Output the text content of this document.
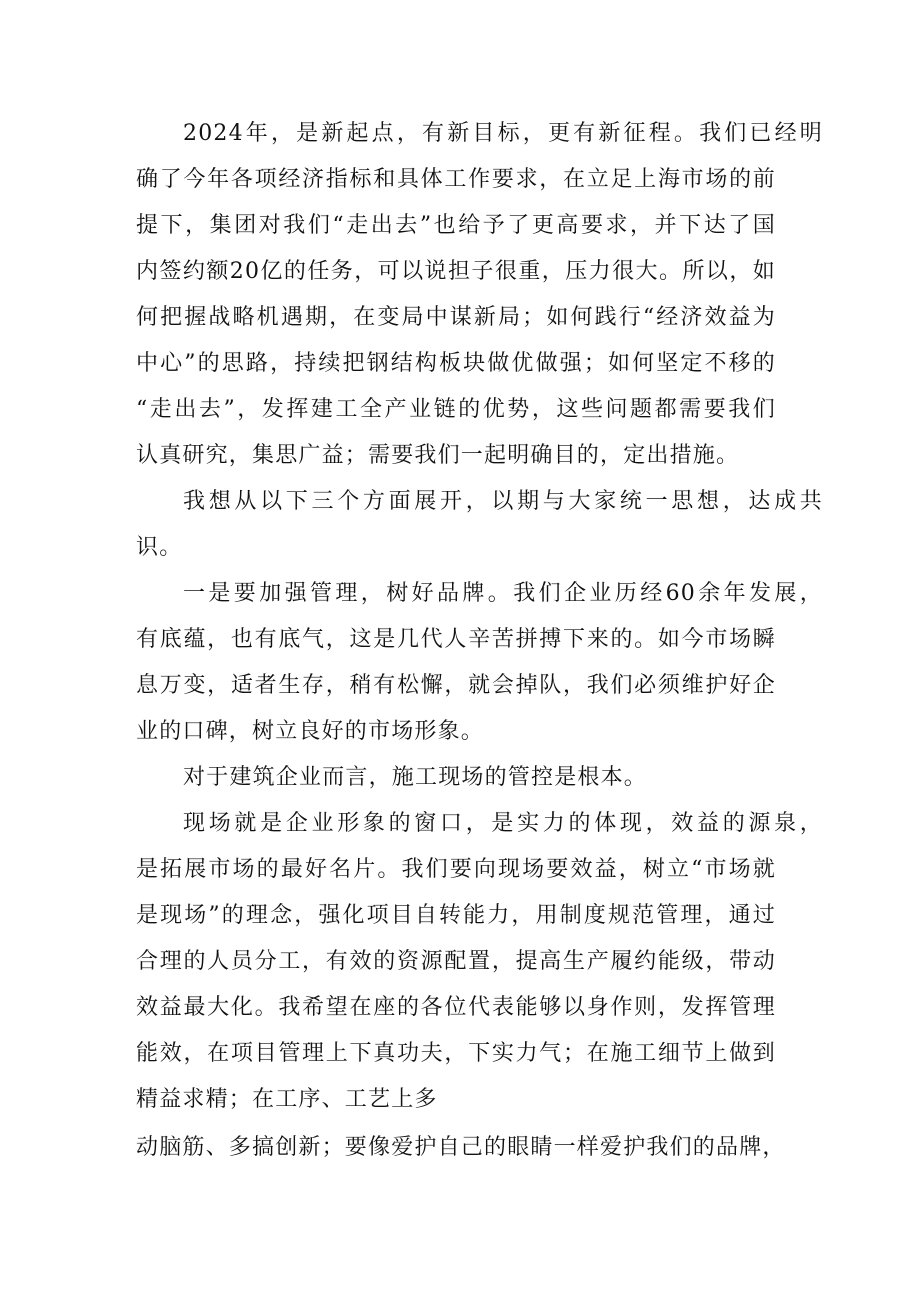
2024年，是新起点，有新目标，更有新征程。我们已经明
确了今年各项经济指标和具体工作要求，在立足上海市场的前
提下，集团对我们“走出去”也给予了更高要求，并下达了国
内签约额20亿的任务，可以说担子很重，压力很大。所以，如
何把握战略机遇期，在变局中谋新局；如何践行“经济效益为
中心”的思路，持续把钢结构板块做优做强；如何坚定不移的
“走出去”，发挥建工全产业链的优势，这些问题都需要我们
认真研究，集思广益；需要我们一起明确目的，定出措施。
我想从以下三个方面展开，以期与大家统一思想，达成共
识。
一是要加强管理，树好品牌。我们企业历经60余年发展，
有底蕴，也有底气，这是几代人辛苦拼搏下来的。如今市场瞬
息万变，适者生存，稍有松懈，就会掉队，我们必须维护好企
业的口碑，树立良好的市场形象。
对于建筑企业而言，施工现场的管控是根本。
现场就是企业形象的窗口，是实力的体现，效益的源泉，
是拓展市场的最好名片。我们要向现场要效益，树立“市场就
是现场”的理念，强化项目自转能力，用制度规范管理，通过
合理的人员分工，有效的资源配置，提高生产履约能级，带动
效益最大化。我希望在座的各位代表能够以身作则，发挥管理
能效，在项目管理上下真功夫，下实力气；在施工细节上做到
精益求精；在工序、工艺上多
动脑筋、多搞创新；要像爱护自己的眼睛一样爱护我们的品牌，
